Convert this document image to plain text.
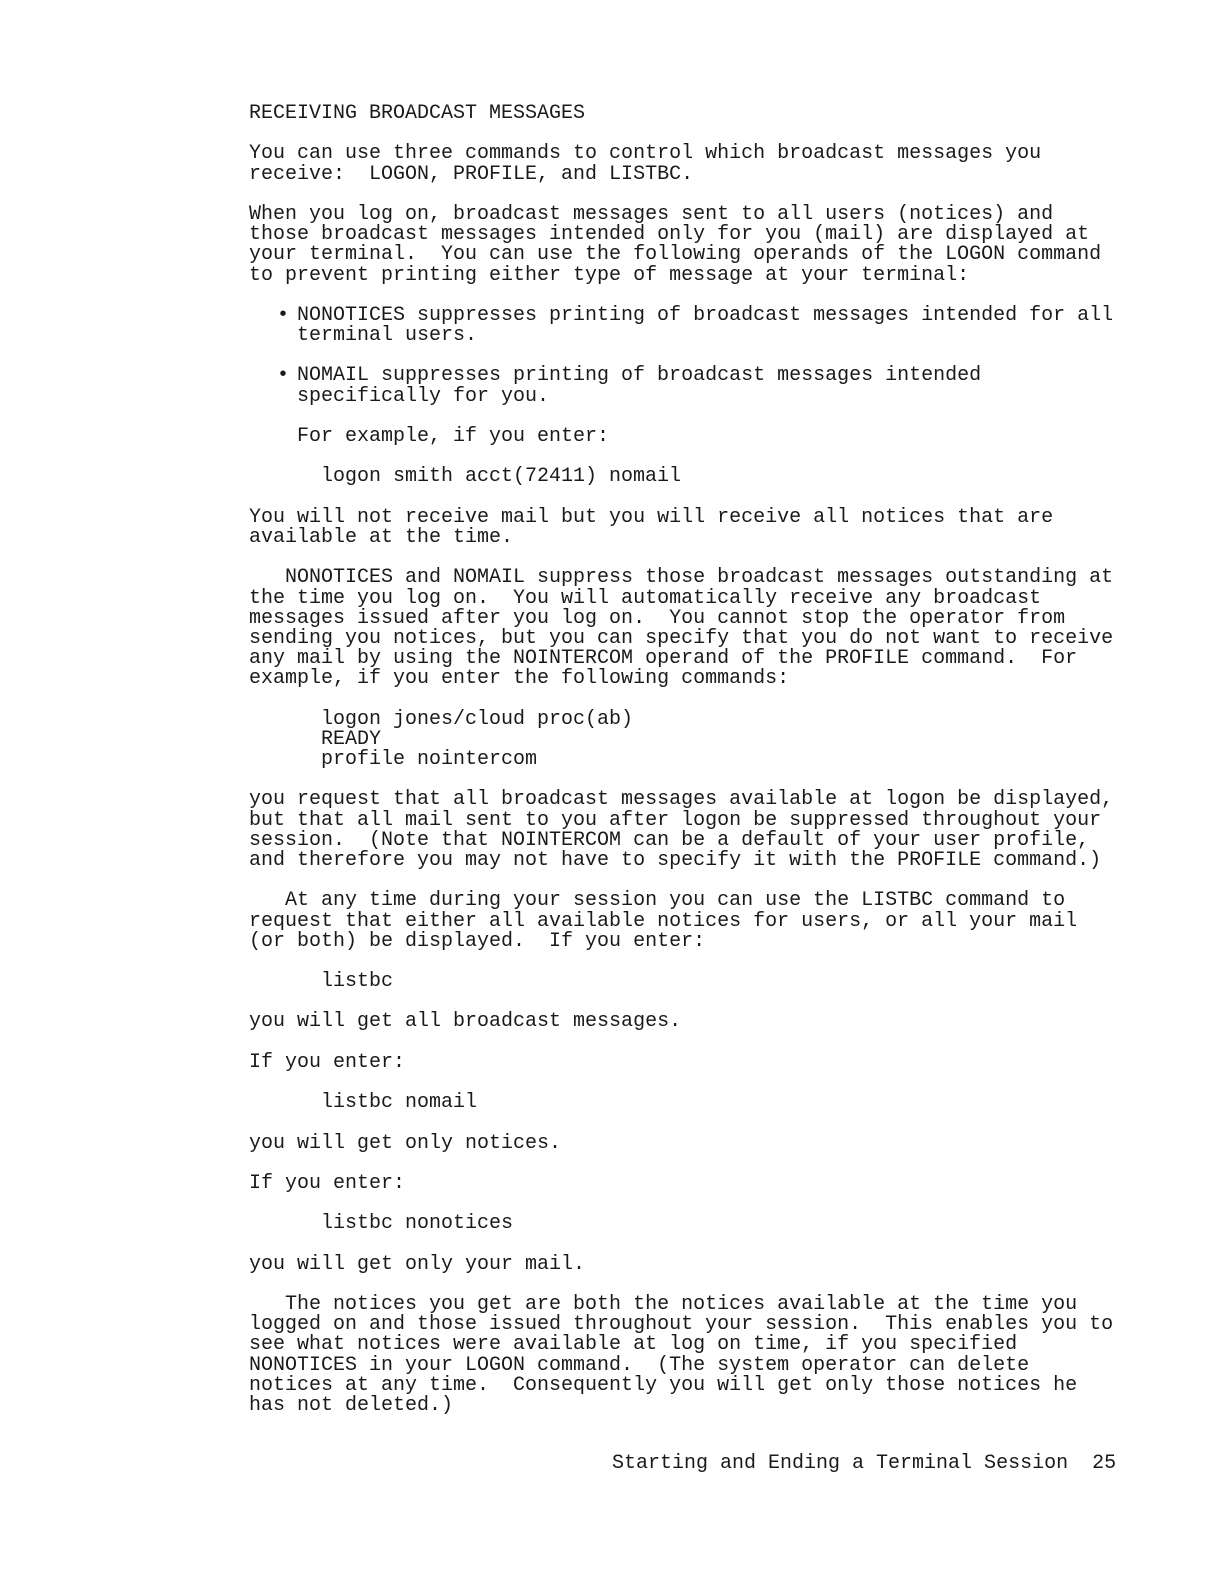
RECEIVING BROADCAST MESSAGES
You can use three commands to control which broadcast messages you
receive:  LOGON, PROFILE, and LISTBC.
When you log on, broadcast messages sent to all users (notices) and
those broadcast messages intended only for you (mail) are displayed at
your terminal.  You can use the following operands of the LOGON command
to prevent printing either type of message at your terminal:
• NONOTICES suppresses printing of broadcast messages intended for all
terminal users.
• NOMAIL suppresses printing of broadcast messages intended
specifically for you.
For example, if you enter:
logon smith acct(72411) nomail
You will not receive mail but you will receive all notices that are
available at the time.
NONOTICES and NOMAIL suppress those broadcast messages outstanding at
the time you log on.  You will automatically receive any broadcast
messages issued after you log on.  You cannot stop the operator from
sending you notices, but you can specify that you do not want to receive
any mail by using the NOINTERCOM operand of the PROFILE command.  For
example, if you enter the following commands:
logon jones/cloud proc(ab)
READY
profile nointercom
you request that all broadcast messages available at logon be displayed,
but that all mail sent to you after logon be suppressed throughout your
session.  (Note that NOINTERCOM can be a default of your user profile,
and therefore you may not have to specify it with the PROFILE command.)
At any time during your session you can use the LISTBC command to
request that either all available notices for users, or all your mail
(or both) be displayed.  If you enter:
listbc
you will get all broadcast messages.
If you enter:
listbc nomail
you will get only notices.
If you enter:
listbc nonotices
you will get only your mail.
The notices you get are both the notices available at the time you
logged on and those issued throughout your session.  This enables you to
see what notices were available at log on time, if you specified
NONOTICES in your LOGON command.  (The system operator can delete
notices at any time.  Consequently you will get only those notices he
has not deleted.)
Starting and Ending a Terminal Session 25
